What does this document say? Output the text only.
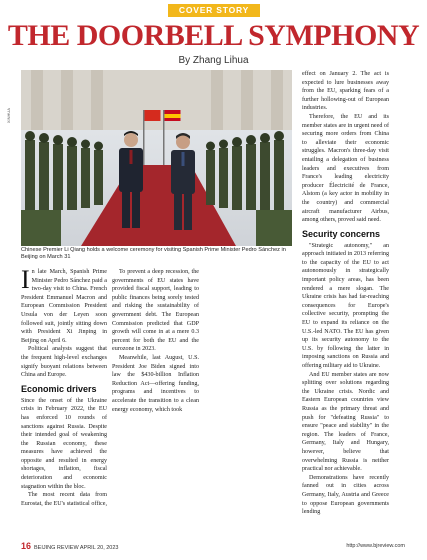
COVER STORY
THE DOORBELL SYMPHONY
By Zhang Lihua
XINHUA
Chinese Premier Li Qiang holds a welcome ceremony for visiting Spanish Prime Minister Pedro Sánchez in Beijing on March 31

In late March, Spanish Prime Minister Pedro Sánchez paid a two-day visit to China. French President Emmanuel Macron and European Commission President Ursula von der Leyen soon followed suit, jointly sitting down with President Xi Jinping in Beijing on April 6.

Political analysts suggest that the frequent high-level exchanges signify buoyant relations between China and Europe.

Economic drivers

Since the onset of the Ukraine crisis in February 2022, the EU has enforced 10 rounds of sanctions against Russia. Despite their intended goal of weakening the Russian economy, these measures have achieved the opposite and resulted in energy shortages, inflation, fiscal deterioration and economic stagnation within the bloc.

The most recent data from Eurostat, the EU's statistical office,

To prevent a deep recession, the governments of EU states have provided fiscal support, leading to public finances being sorely tested and risking the sustainability of government debt. The European Commission predicted that GDP growth will come in at a mere 0.3 percent for both the EU and the eurozone in 2023.

Meanwhile, last August, U.S. President Joe Biden signed into law the $430-billion Inflation Reduction Act—offering funding, programs and incentives to accelerate the transition to a clean energy economy, which took

effect on January 2. The act is expected to lure businesses away from the EU, sparking fears of a further hollowing-out of European industries.

Therefore, the EU and its member states are in urgent need of securing more orders from China to alleviate their economic struggles. Macron's three-day visit entailing a delegation of business leaders and executives from France's leading electricity producer Électricité de France, Alstom (a key actor in mobility in the country) and commercial aircraft manufacturer Airbus, among others, proved said need.

Security concerns

"Strategic autonomy," an approach initiated in 2013 referring to the capacity of the EU to act autonomously in strategically important policy areas, has been rendered a mere slogan. The Ukraine crisis has had far-reaching consequences for Europe's collective security, prompting the EU to expand its reliance on the U.S.-led NATO. The EU has given up its security autonomy to the U.S. by following the latter in imposing sanctions on Russia and offering military aid to Ukraine.

And EU member states are now splitting over solutions regarding the Ukraine crisis. Nordic and Eastern European countries view Russia as the primary threat and push for "defeating Russia" to ensure "peace and stability" in the region. The leaders of France, Germany, Italy and Hungary, however, believe that overwhelming Russia is neither practical nor achievable.

Demonstrations have recently fanned out in cities across Germany, Italy, Austria and Greece to oppose European governments lending

16 BEIJING REVIEW APRIL 20, 2023	http://www.bjreview.com
